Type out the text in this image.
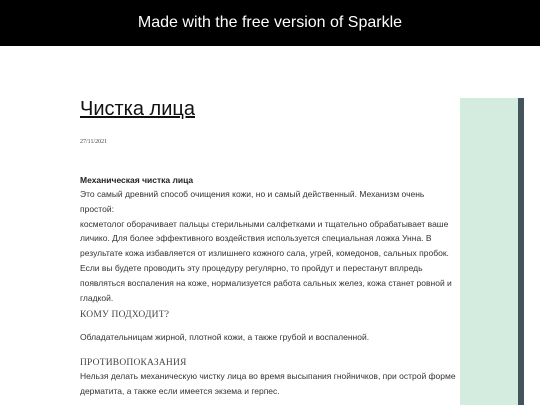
Made with the free version of Sparkle
Чистка лица
27/11/2021
Механическая чистка лица
Это самый древний способ очищения кожи, но и самый действенный. Механизм очень простой:
косметолог оборачивает пальцы стерильными салфетками и тщательно обрабатывает ваше
личико. Для более эффективного воздействия используется специальная ложка Унна. В
результате кожа избавляется от излишнего кожного сала, угрей, комедонов, сальных пробок.
Если вы будете проводить эту процедуру регулярно, то пройдут и перестанут вплредь
появляться воспаления на коже, нормализуется работа сальных желез, кожа станет ровной и
гладкой.
КОМУ ПОДХОДИТ?
Обладательницам жирной, плотной кожи, а также грубой и воспаленной.
ПРОТИВОПОКАЗАНИЯ
Нельзя делать механическую чистку лица во время высыпания гнойничков, при острой форме
дерматита, а также если имеется экзема и герпес.
